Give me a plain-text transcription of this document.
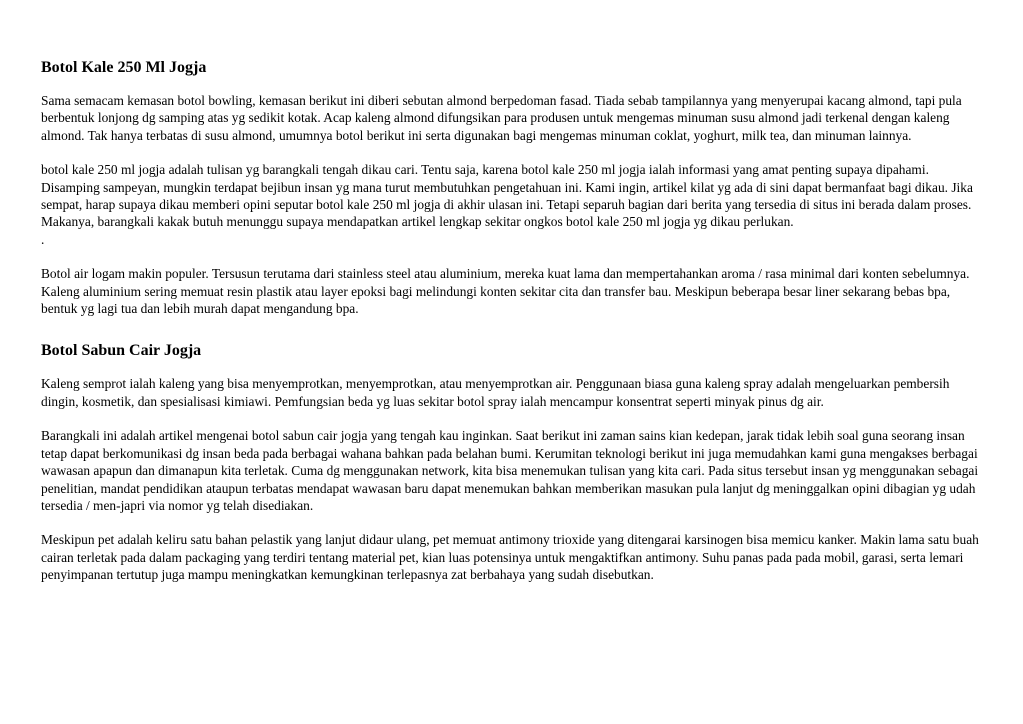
Botol Kale 250 Ml Jogja

Sama semacam kemasan botol bowling, kemasan berikut ini diberi sebutan almond berpedoman fasad. Tiada sebab tampilannya yang menyerupai kacang almond, tapi pula berbentuk lonjong dg samping atas yg sedikit kotak. Acap kaleng almond difungsikan para produsen untuk mengemas minuman susu almond jadi terkenal dengan kaleng almond. Tak hanya terbatas di susu almond, umumnya botol berikut ini serta digunakan bagi mengemas minuman coklat, yoghurt, milk tea, dan minuman lainnya.

botol kale 250 ml jogja adalah tulisan yg barangkali tengah dikau cari. Tentu saja, karena botol kale 250 ml jogja ialah informasi yang amat penting supaya dipahami. Disamping sampeyan, mungkin terdapat bejibun insan yg mana turut membutuhkan pengetahuan ini. Kami ingin, artikel kilat yg ada di sini dapat bermanfaat bagi dikau. Jika sempat, harap supaya dikau memberi opini seputar botol kale 250 ml jogja di akhir ulasan ini. Tetapi separuh bagian dari berita yang tersedia di situs ini berada dalam proses. Makanya, barangkali kakak butuh menunggu supaya mendapatkan artikel lengkap sekitar ongkos botol kale 250 ml jogja yg dikau perlukan.

.

Botol air logam makin populer. Tersusun terutama dari stainless steel atau aluminium, mereka kuat lama dan mempertahankan aroma / rasa minimal dari konten sebelumnya. Kaleng aluminium sering memuat resin plastik atau layer epoksi bagi melindungi konten sekitar cita dan transfer bau. Meskipun beberapa besar liner sekarang bebas bpa, bentuk yg lagi tua dan lebih murah dapat mengandung bpa.

Botol Sabun Cair Jogja

Kaleng semprot ialah kaleng yang bisa menyemprotkan, menyemprotkan, atau menyemprotkan air. Penggunaan biasa guna kaleng spray adalah mengeluarkan pembersih dingin, kosmetik, dan spesialisasi kimiawi. Pemfungsian beda yg luas sekitar botol spray ialah mencampur konsentrat seperti minyak pinus dg air.

Barangkali ini adalah artikel mengenai botol sabun cair jogja yang tengah kau inginkan. Saat berikut ini zaman sains kian kedepan, jarak tidak lebih soal guna seorang insan tetap dapat berkomunikasi dg insan beda pada berbagai wahana bahkan pada belahan bumi. Kerumitan teknologi berikut ini juga memudahkan kami guna mengakses berbagai wawasan apapun dan dimanapun kita terletak. Cuma dg menggunakan network, kita bisa menemukan tulisan yang kita cari. Pada situs tersebut insan yg menggunakan sebagai penelitian, mandat pendidikan ataupun terbatas mendapat wawasan baru dapat menemukan bahkan memberikan masukan pula lanjut dg meninggalkan opini dibagian yg udah tersedia / men-japri via nomor yg telah disediakan.

Meskipun pet adalah keliru satu bahan pelastik yang lanjut didaur ulang, pet memuat antimony trioxide yang ditengarai karsinogen bisa memicu kanker. Makin lama satu buah cairan terletak pada dalam packaging yang terdiri tentang material pet, kian luas potensinya untuk mengaktifkan antimony. Suhu panas pada pada mobil, garasi, serta lemari penyimpanan tertutup juga mampu meningkatkan kemungkinan terlepasnya zat berbahaya yang sudah disebutkan.
